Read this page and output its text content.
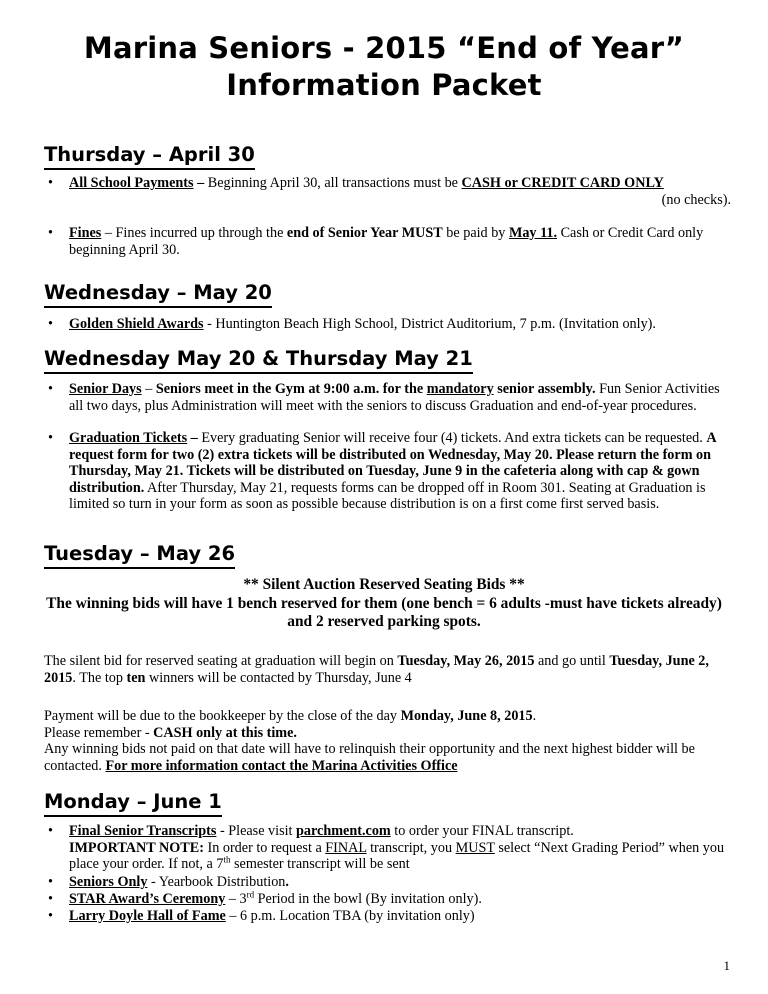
Marina Seniors - 2015 “End of Year”
Information Packet
Thursday – April 30
• All School Payments – Beginning April 30, all transactions must be CASH or CREDIT CARD ONLY
(no checks).
• Fines – Fines incurred up through the end of Senior Year MUST be paid by May 11. Cash or Credit Card only beginning April 30.
Wednesday – May 20
• Golden Shield Awards - Huntington Beach High School, District Auditorium, 7 p.m. (Invitation only).
Wednesday May 20 & Thursday May 21
• Senior Days – Seniors meet in the Gym at 9:00 a.m. for the mandatory senior assembly. Fun Senior Activities all two days, plus Administration will meet with the seniors to discuss Graduation and end-of-year procedures.
• Graduation Tickets – Every graduating Senior will receive four (4) tickets. And extra tickets can be requested. A request form for two (2) extra tickets will be distributed on Wednesday, May 20. Please return the form on Thursday, May 21. Tickets will be distributed on Tuesday, June 9 in the cafeteria along with cap & gown distribution. After Thursday, May 21, requests forms can be dropped off in Room 301. Seating at Graduation is limited so turn in your form as soon as possible because distribution is on a first come first served basis.
Tuesday – May 26
** Silent Auction Reserved Seating Bids **
The winning bids will have 1 bench reserved for them (one bench = 6 adults -must have tickets already) and 2 reserved parking spots.
The silent bid for reserved seating at graduation will begin on Tuesday, May 26, 2015 and go until Tuesday, June 2, 2015. The top ten winners will be contacted by Thursday, June 4
Payment will be due to the bookkeeper by the close of the day Monday, June 8, 2015.
Please remember - CASH only at this time.
Any winning bids not paid on that date will have to relinquish their opportunity and the next highest bidder will be contacted. For more information contact the Marina Activities Office
Monday – June 1
• Final Senior Transcripts - Please visit parchment.com to order your FINAL transcript.
IMPORTANT NOTE: In order to request a FINAL transcript, you MUST select “Next Grading Period” when you place your order. If not, a 7th semester transcript will be sent
• Seniors Only - Yearbook Distribution.
• STAR Award’s Ceremony – 3rd Period in the bowl (By invitation only).
• Larry Doyle Hall of Fame – 6 p.m. Location TBA (by invitation only)
1
